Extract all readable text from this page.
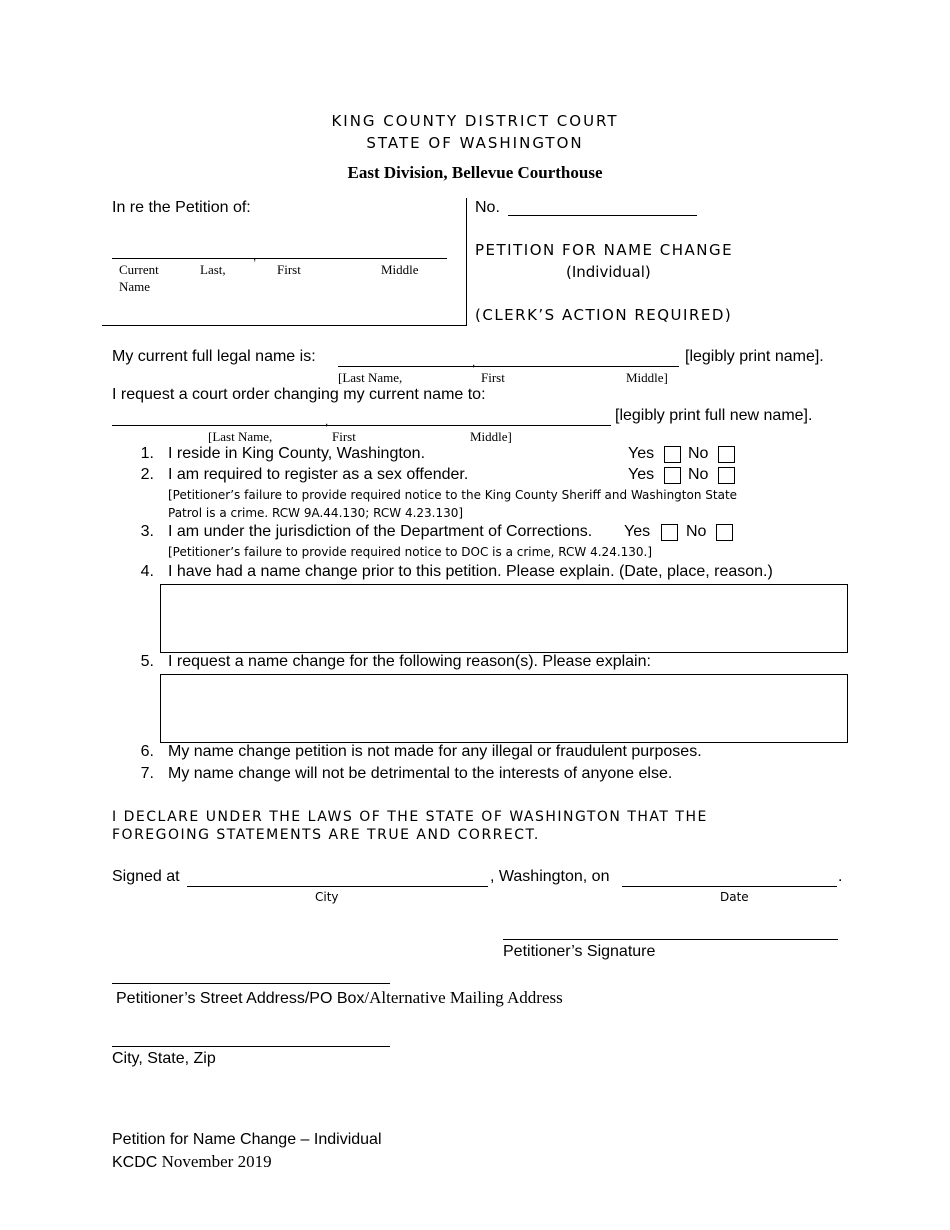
KING COUNTY DISTRICT COURT
STATE OF WASHINGTON
East Division, Bellevue Courthouse
In re the Petition of:
,
Current
Name
Last,	First	Middle
No.
PETITION FOR NAME CHANGE
(Individual)
(CLERK’S ACTION REQUIRED)
My current full legal name is:	,	[legibly print name].
[Last Name,	First	Middle]
I request a court order changing my current name to:
,	[legibly print full new name].
[Last Name,	First	Middle]
1. I reside in King County, Washington.	Yes No
2. I am required to register as a sex offender.	Yes No
[Petitioner’s failure to provide required notice to the King County Sheriff and Washington State
Patrol is a crime. RCW 9A.44.130; RCW 4.23.130]
3. I am under the jurisdiction of the Department of Corrections. Yes No
[Petitioner’s failure to provide required notice to DOC is a crime, RCW 4.24.130.]
4. I have had a name change prior to this petition. Please explain. (Date, place, reason.)
5. I request a name change for the following reason(s). Please explain:
6. My name change petition is not made for any illegal or fraudulent purposes.
7. My name change will not be detrimental to the interests of anyone else.
I DECLARE UNDER THE LAWS OF THE STATE OF WASHINGTON THAT THE
FOREGOING STATEMENTS ARE TRUE AND CORRECT.
Signed at	, Washington, on	.
City	Date
Petitioner’s Signature
Petitioner’s Street Address/PO Box/Alternative Mailing Address
City, State, Zip
Petition for Name Change – Individual
KCDC November 2019
